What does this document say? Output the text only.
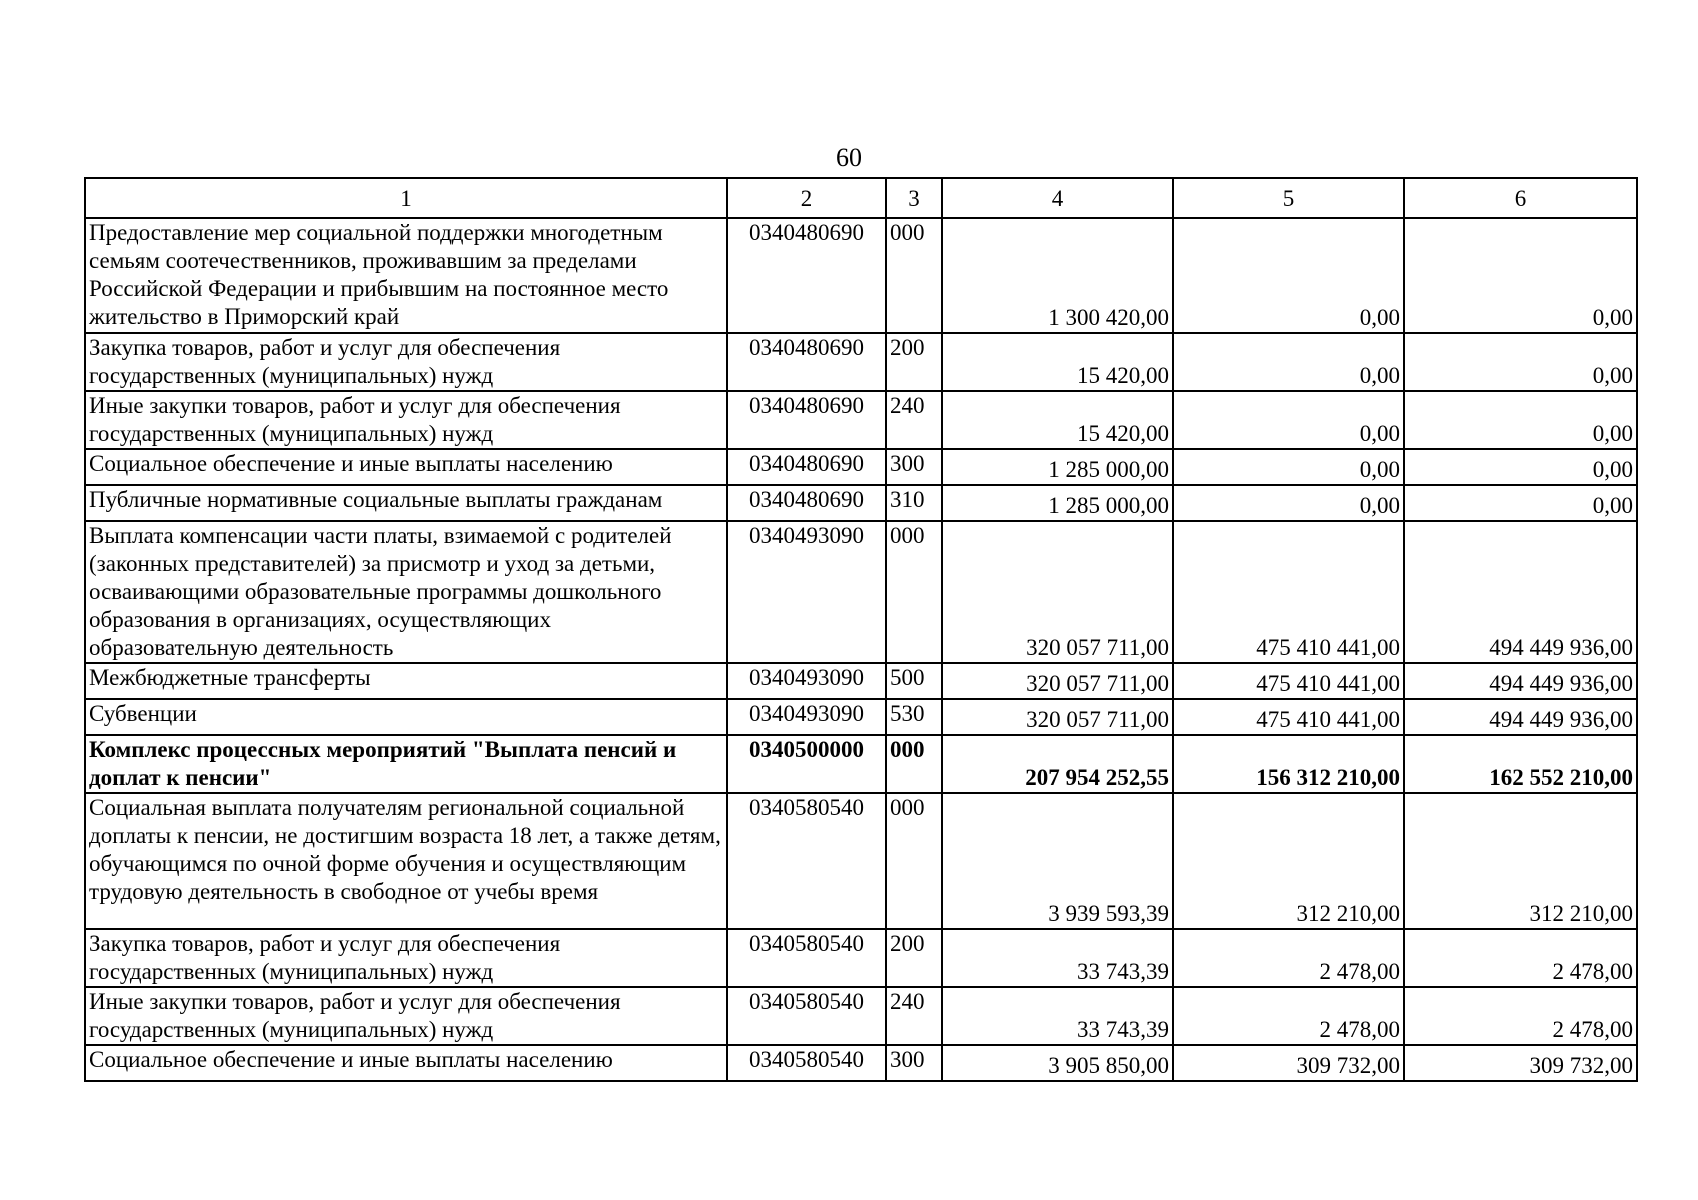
60
1	2	3	4	5	6
Предоставление мер социальной поддержки многодетным семьям соотечественников, проживавшим за пределами Российской Федерации и прибывшим на постоянное место жительство в Приморский край	0340480690	000	1 300 420,00	0,00	0,00
Закупка товаров, работ и услуг для обеспечения государственных (муниципальных) нужд	0340480690	200	15 420,00	0,00	0,00
Иные закупки товаров, работ и услуг для обеспечения государственных (муниципальных) нужд	0340480690	240	15 420,00	0,00	0,00
Социальное обеспечение и иные выплаты населению	0340480690	300	1 285 000,00	0,00	0,00
Публичные нормативные социальные выплаты гражданам	0340480690	310	1 285 000,00	0,00	0,00
Выплата компенсации части платы, взимаемой с родителей (законных представителей) за присмотр и уход за детьми, осваивающими образовательные программы дошкольного образования в организациях, осуществляющих образовательную деятельность	0340493090	000	320 057 711,00	475 410 441,00	494 449 936,00
Межбюджетные трансферты	0340493090	500	320 057 711,00	475 410 441,00	494 449 936,00
Субвенции	0340493090	530	320 057 711,00	475 410 441,00	494 449 936,00
Комплекс процессных мероприятий "Выплата пенсий и доплат к пенсии"	0340500000	000	207 954 252,55	156 312 210,00	162 552 210,00
Социальная выплата получателям региональной социальной доплаты к пенсии, не достигшим возраста 18 лет, а также детям, обучающимся по очной форме обучения и осуществляющим трудовую деятельность в свободное от учебы время	0340580540	000	3 939 593,39	312 210,00	312 210,00
Закупка товаров, работ и услуг для обеспечения государственных (муниципальных) нужд	0340580540	200	33 743,39	2 478,00	2 478,00
Иные закупки товаров, работ и услуг для обеспечения государственных (муниципальных) нужд	0340580540	240	33 743,39	2 478,00	2 478,00
Социальное обеспечение и иные выплаты населению	0340580540	300	3 905 850,00	309 732,00	309 732,00
